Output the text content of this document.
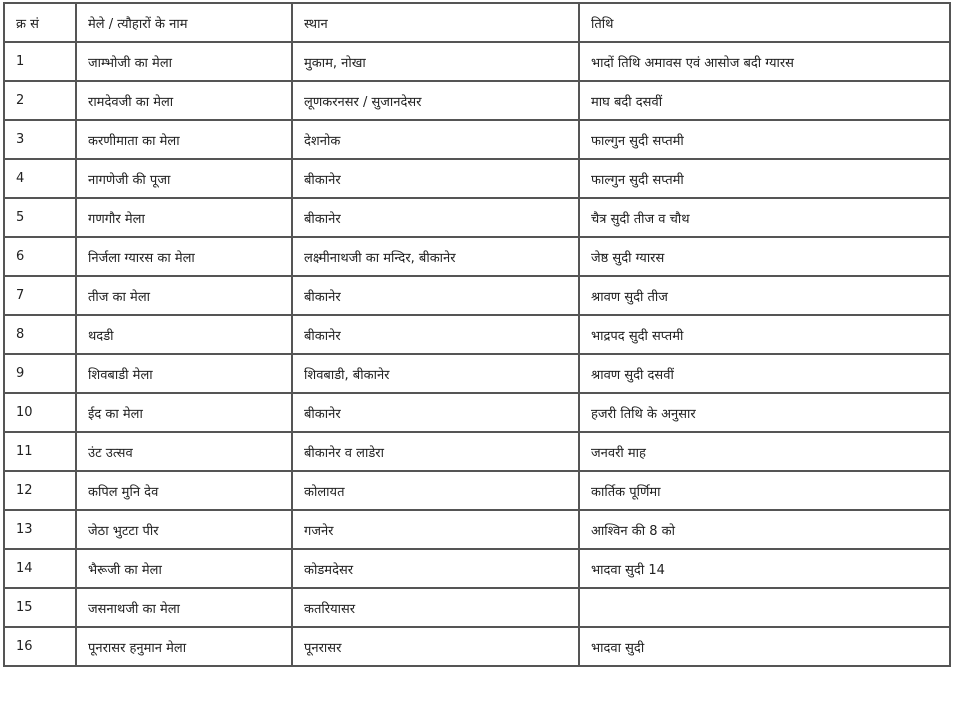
क्र सं	मेले / त्यौहारों के नाम	स्थान	तिथि
1	जाम्भोजी का मेला	मुकाम, नोखा	भादों तिथि अमावस एवं आसोज बदी ग्यारस
2	रामदेवजी का मेला	लूणकरनसर / सुजानदेसर	माघ बदी दसवीं
3	करणीमाता का मेला	देशनोक	फाल्गुन सुदी सप्तमी
4	नागणेजी की पूजा	बीकानेर	फाल्गुन सुदी सप्तमी
5	गणगौर मेला	बीकानेर	चैत्र सुदी तीज व चौथ
6	निर्जला ग्यारस का मेला	लक्ष्मीनाथजी का मन्दिर, बीकानेर	जेष्ठ सुदी ग्यारस
7	तीज का मेला	बीकानेर	श्रावण सुदी तीज
8	थदडी	बीकानेर	भाद्रपद सुदी सप्तमी
9	शिवबाडी मेला	शिवबाडी, बीकानेर	श्रावण सुदी दसवीं
10	ईद का मेला	बीकानेर	हजरी तिथि के अनुसार
11	उंट उत्सव	बीकानेर व लाडेरा	जनवरी माह
12	कपिल मुनि देव	कोलायत	कार्तिक पूर्णिमा
13	जेठा भुटटा पीर	गजनेर	आश्विन की 8 को
14	भैरूजी का मेला	कोडमदेसर	भादवा सुदी 14
15	जसनाथजी का मेला	कतरियासर	
16	पूनरासर हनुमान मेला	पूनरासर	भादवा सुदी
